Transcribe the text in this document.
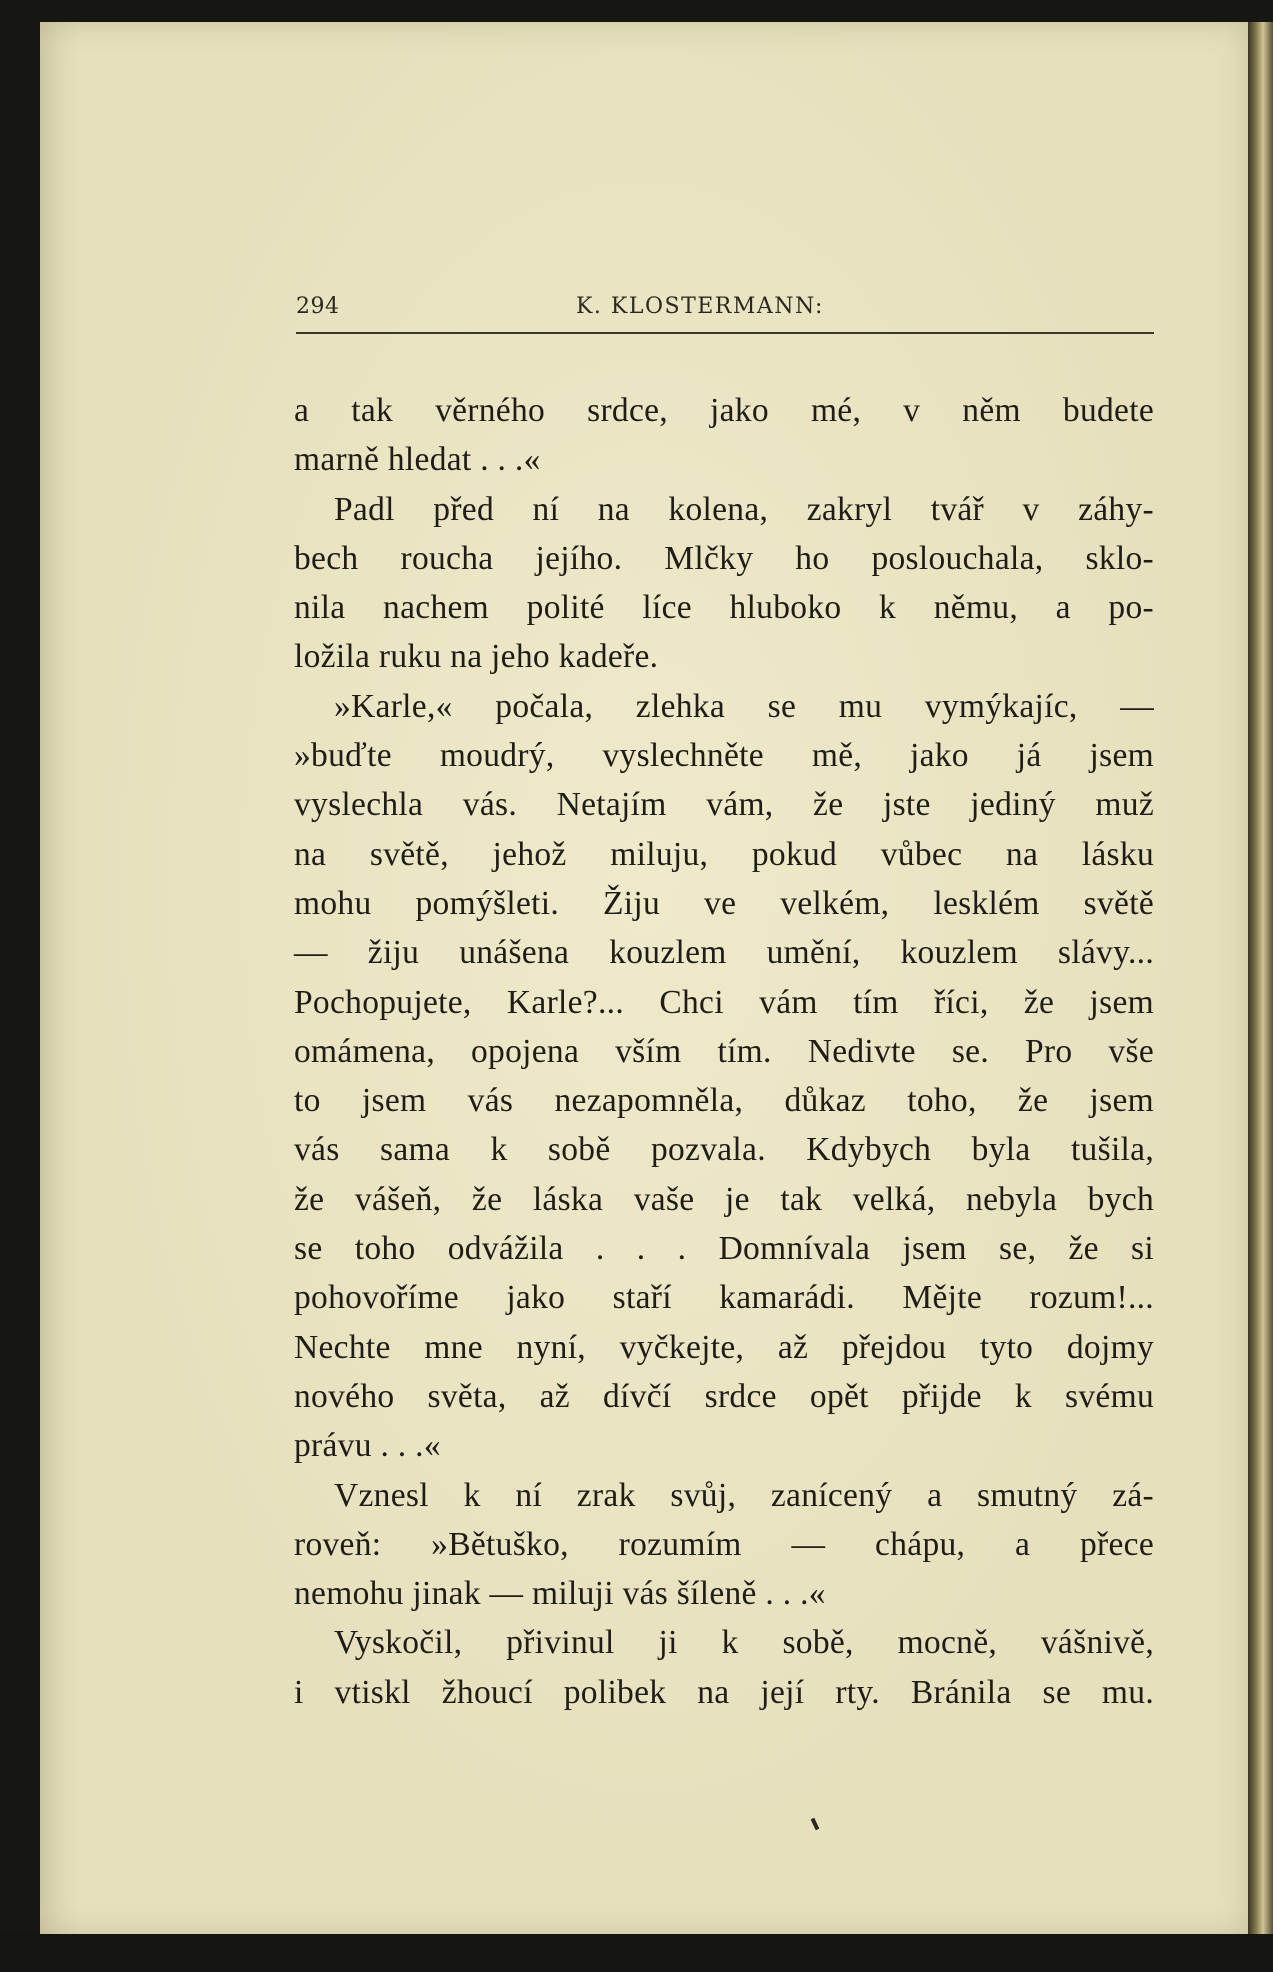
294	K. KLOSTERMANN:
a tak věrného srdce, jako mé, v něm budete
marně hledat . . .«
Padl před ní na kolena, zakryl tvář v záhy-
bech roucha jejího. Mlčky ho poslouchala, sklo-
nila nachem polité líce hluboko k němu, a po-
ložila ruku na jeho kadeře.
»Karle,« počala, zlehka se mu vymýkajíc, —
»buďte moudrý, vyslechněte mě, jako já jsem
vyslechla vás. Netajím vám, že jste jediný muž
na světě, jehož miluju, pokud vůbec na lásku
mohu pomýšleti. Žiju ve velkém, lesklém světě
— žiju unášena kouzlem umění, kouzlem slávy...
Pochopujete, Karle?... Chci vám tím říci, že jsem
omámena, opojena vším tím. Nedivte se. Pro vše
to jsem vás nezapomněla, důkaz toho, že jsem
vás sama k sobě pozvala. Kdybych byla tušila,
že vášeň, že láska vaše je tak velká, nebyla bych
se toho odvážila . . . Domnívala jsem se, že si
pohovoříme jako staří kamarádi. Mějte rozum!...
Nechte mne nyní, vyčkejte, až přejdou tyto dojmy
nového světa, až dívčí srdce opět přijde k svému
právu . . .«
Vznesl k ní zrak svůj, zanícený a smutný zá-
roveň: »Bětuško, rozumím — chápu, a přece
nemohu jinak — miluji vás šíleně . . .«
Vyskočil, přivinul ji k sobě, mocně, vášnivě,
i vtiskl žhoucí polibek na její rty. Bránila se mu.
